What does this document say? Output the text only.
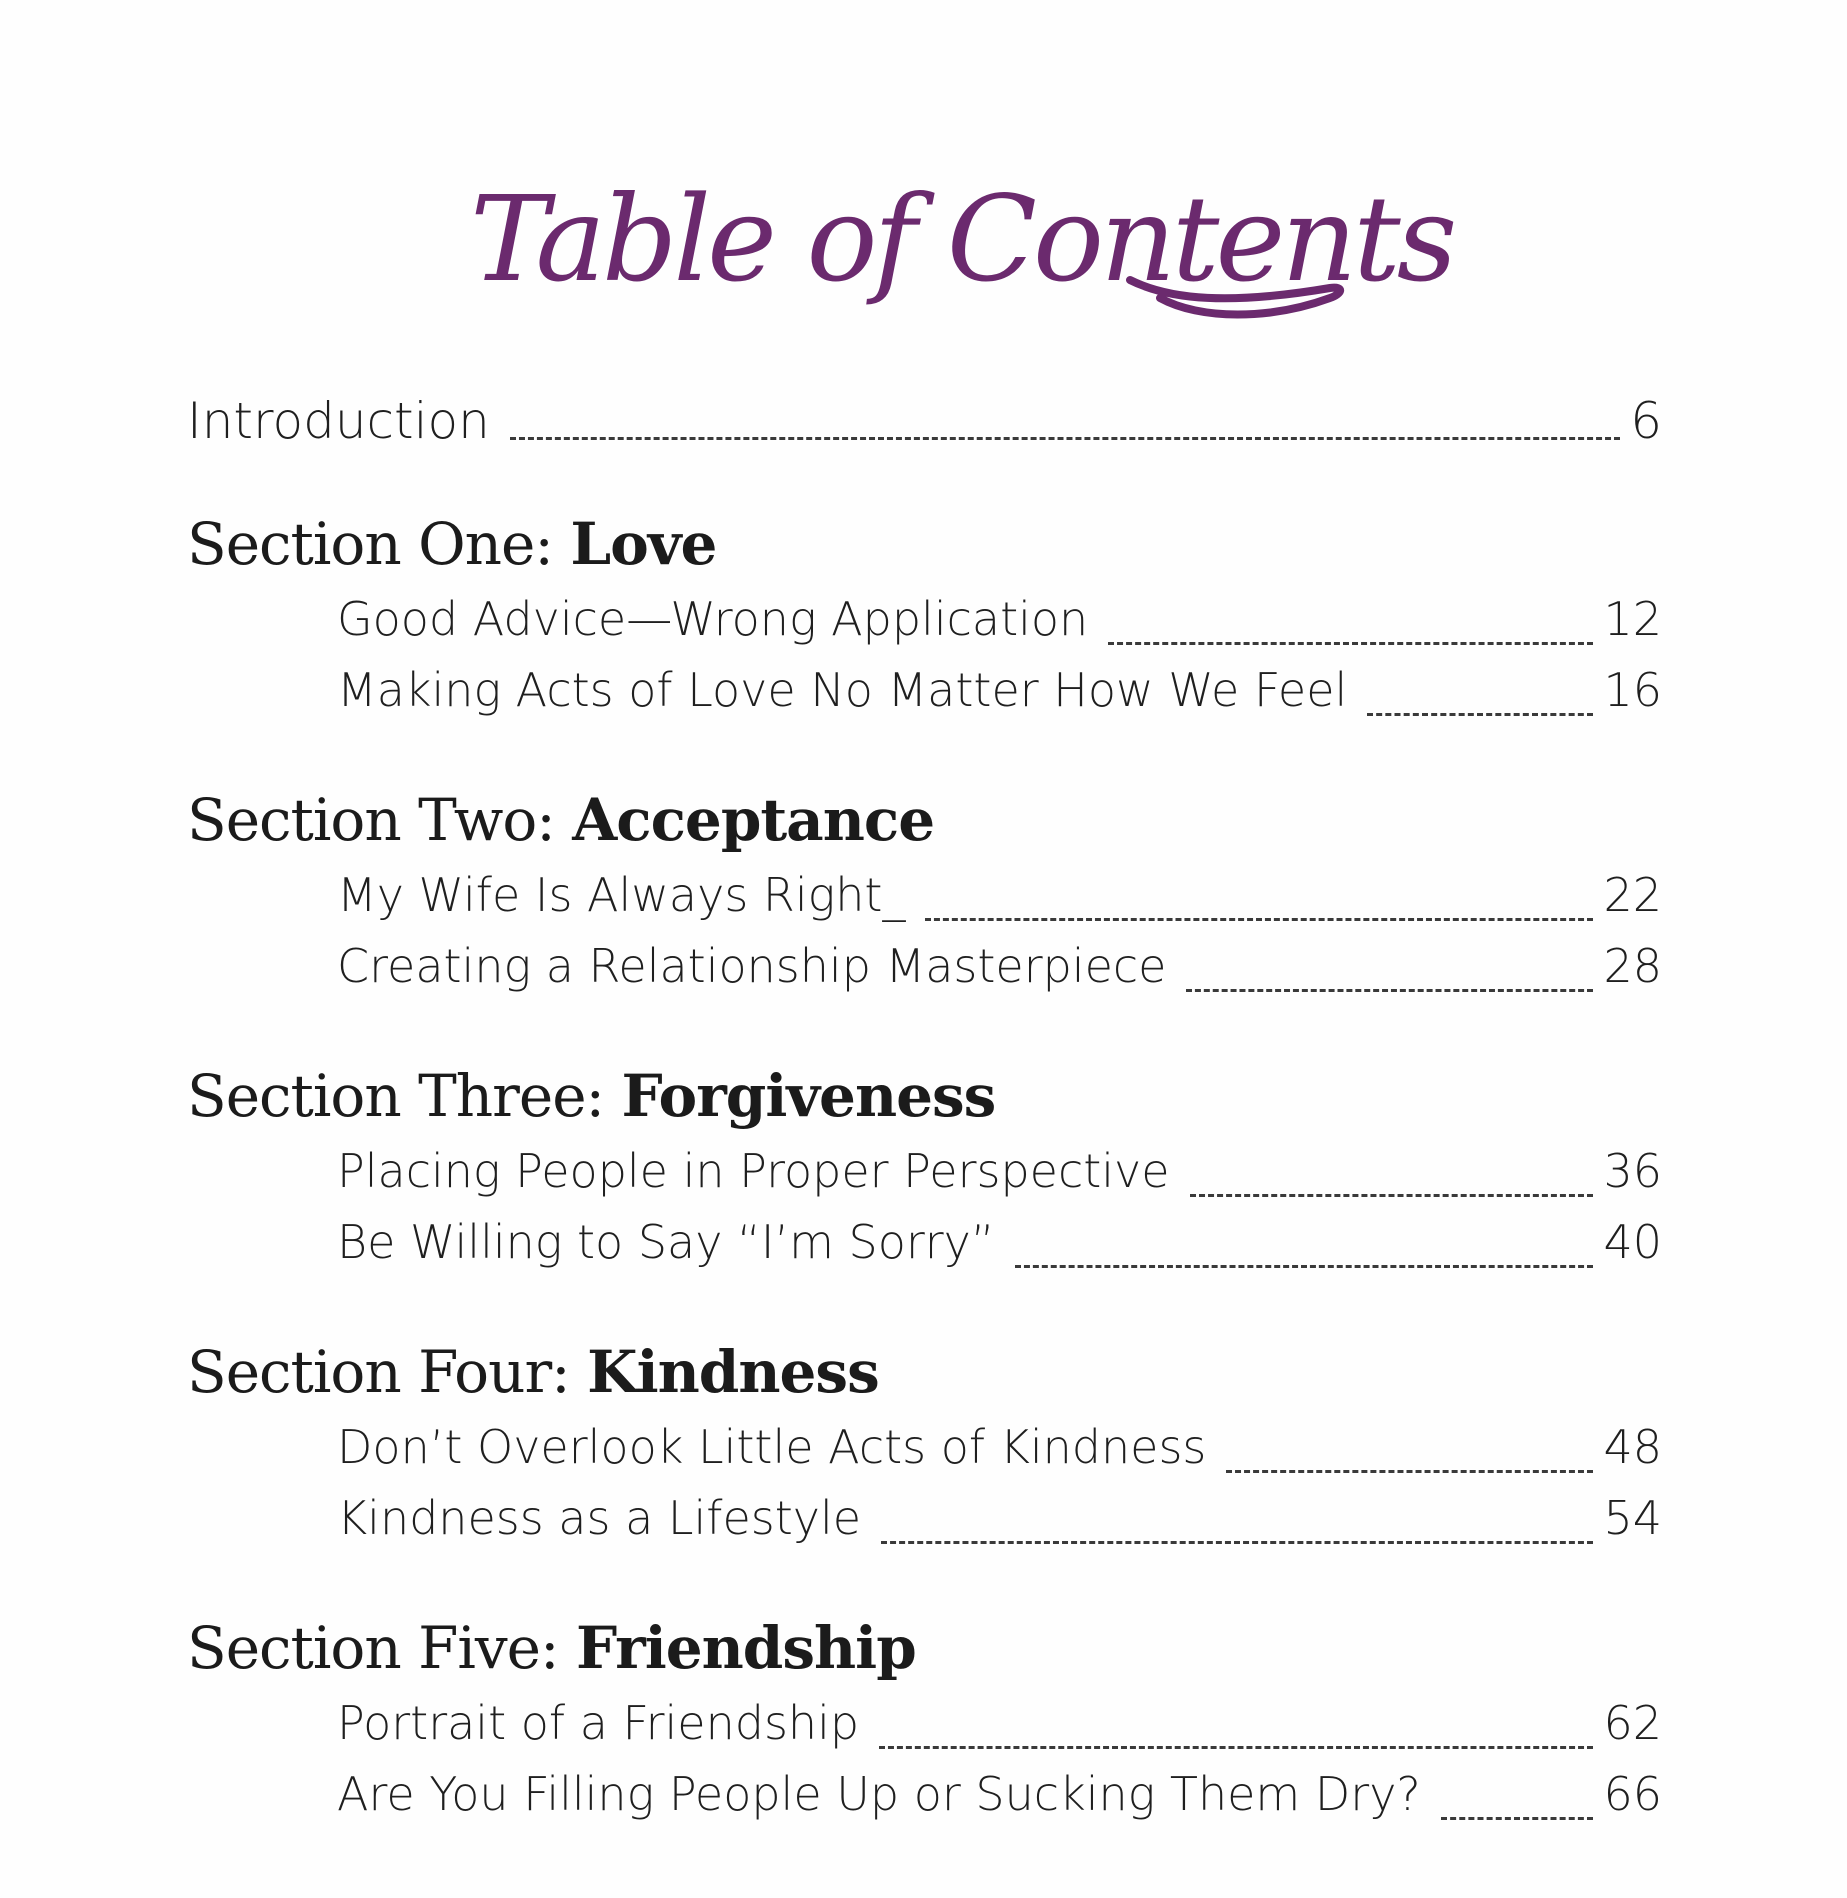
Table of Contents
Introduction	6
Section One: Love
Good Advice—Wrong Application	12
Making Acts of Love No Matter How We Feel	16
Section Two: Acceptance
My Wife Is Always Right_	22
Creating a Relationship Masterpiece	28
Section Three: Forgiveness
Placing People in Proper Perspective	36
Be Willing to Say “I’m Sorry”	40
Section Four: Kindness
Don’t Overlook Little Acts of Kindness	48
Kindness as a Lifestyle	54
Section Five: Friendship
Portrait of a Friendship	62
Are You Filling People Up or Sucking Them Dry?	66
